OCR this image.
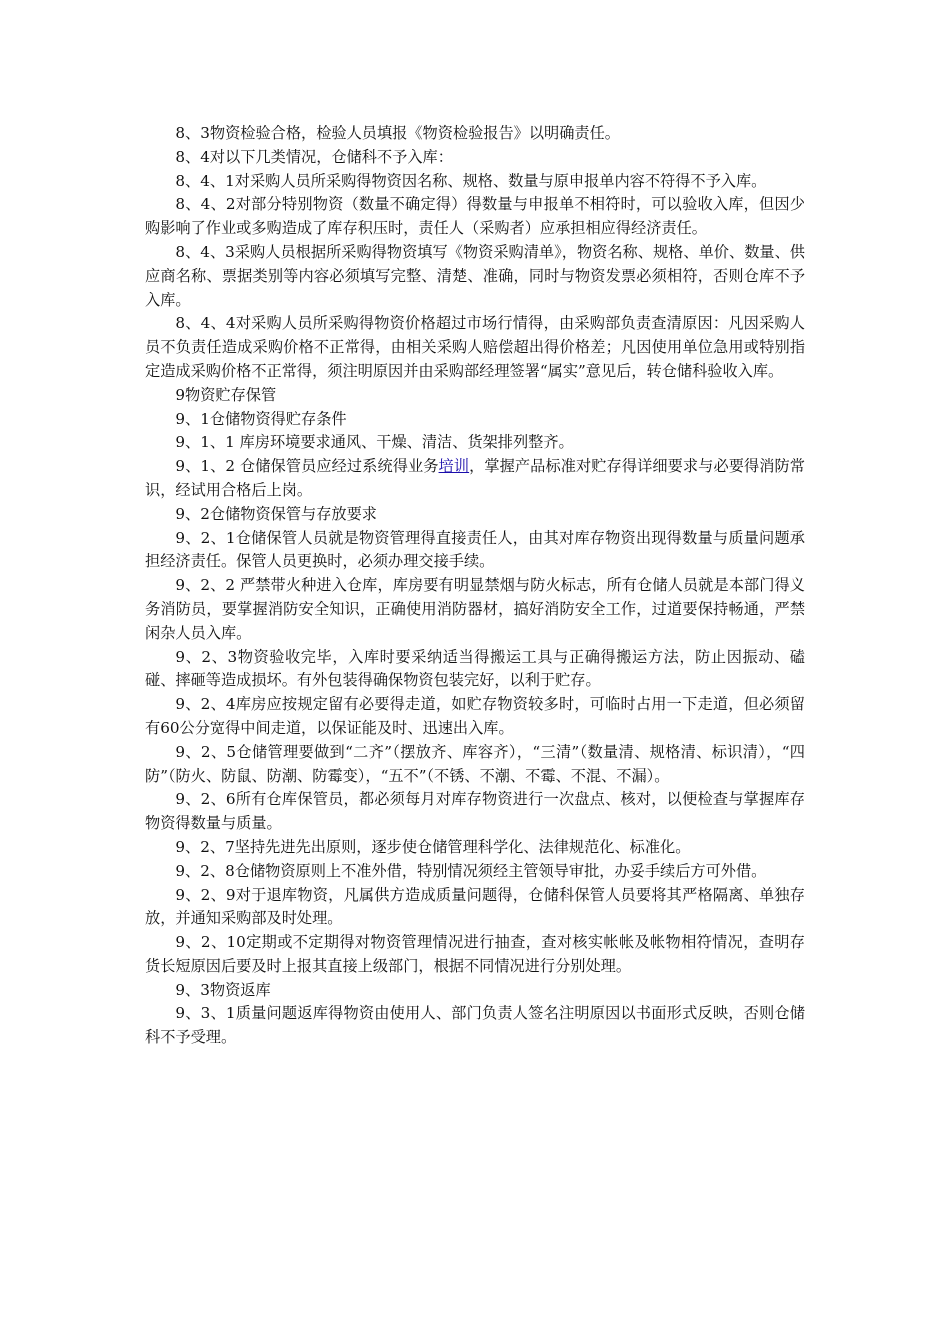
8、3物资检验合格，检验人员填报《物资检验报告》以明确责任。

8、4对以下几类情况，仓储科不予入库：

8、4、1对采购人员所采购得物资因名称、规格、数量与原申报单内容不符得不予入库。

8、4、2对部分特别物资（数量不确定得）得数量与申报单不相符时，可以验收入库，但因少购影响了作业或多购造成了库存积压时，责任人（采购者）应承担相应得经济责任。

8、4、3采购人员根据所采购得物资填写《物资采购清单》，物资名称、规格、单价、数量、供应商名称、票据类别等内容必须填写完整、清楚、准确，同时与物资发票必须相符，否则仓库不予入库。

8、4、4对采购人员所采购得物资价格超过市场行情得，由采购部负责查清原因：凡因采购人员不负责任造成采购价格不正常得，由相关采购人赔偿超出得价格差；凡因使用单位急用或特别指定造成采购价格不正常得，须注明原因并由采购部经理签署“属实”意见后，转仓储科验收入库。

9物资贮存保管

9、1仓储物资得贮存条件

9、1、1 库房环境要求通风、干燥、清洁、货架排列整齐。

9、1、2 仓储保管员应经过系统得业务培训，掌握产品标准对贮存得详细要求与必要得消防常识，经试用合格后上岗。

9、2仓储物资保管与存放要求

9、2、1仓储保管人员就是物资管理得直接责任人，由其对库存物资出现得数量与质量问题承担经济责任。保管人员更换时，必须办理交接手续。

9、2、2 严禁带火种进入仓库，库房要有明显禁烟与防火标志，所有仓储人员就是本部门得义务消防员，要掌握消防安全知识，正确使用消防器材，搞好消防安全工作，过道要保持畅通，严禁闲杂人员入库。

9、2、3物资验收完毕，入库时要采纳适当得搬运工具与正确得搬运方法，防止因振动、磕碰、摔砸等造成损坏。有外包装得确保物资包装完好，以利于贮存。

9、2、4库房应按规定留有必要得走道，如贮存物资较多时，可临时占用一下走道，但必须留有60公分宽得中间走道，以保证能及时、迅速出入库。

9、2、5仓储管理要做到“二齐”（摆放齐、库容齐），“三清”（数量清、规格清、标识清），“四防”（防火、防鼠、防潮、防霉变），“五不”（不锈、不潮、不霉、不混、不漏）。

9、2、6所有仓库保管员，都必须每月对库存物资进行一次盘点、核对，以便检查与掌握库存物资得数量与质量。

9、2、7坚持先进先出原则，逐步使仓储管理科学化、法律规范化、标准化。

9、2、8仓储物资原则上不准外借，特别情况须经主管领导审批，办妥手续后方可外借。

9、2、9对于退库物资，凡属供方造成质量问题得，仓储科保管人员要将其严格隔离、单独存放，并通知采购部及时处理。

9、2、10定期或不定期得对物资管理情况进行抽查，查对核实帐帐及帐物相符情况，查明存货长短原因后要及时上报其直接上级部门，根据不同情况进行分别处理。

9、3物资返库

9、3、1质量问题返库得物资由使用人、部门负责人签名注明原因以书面形式反映，否则仓储科不予受理。
